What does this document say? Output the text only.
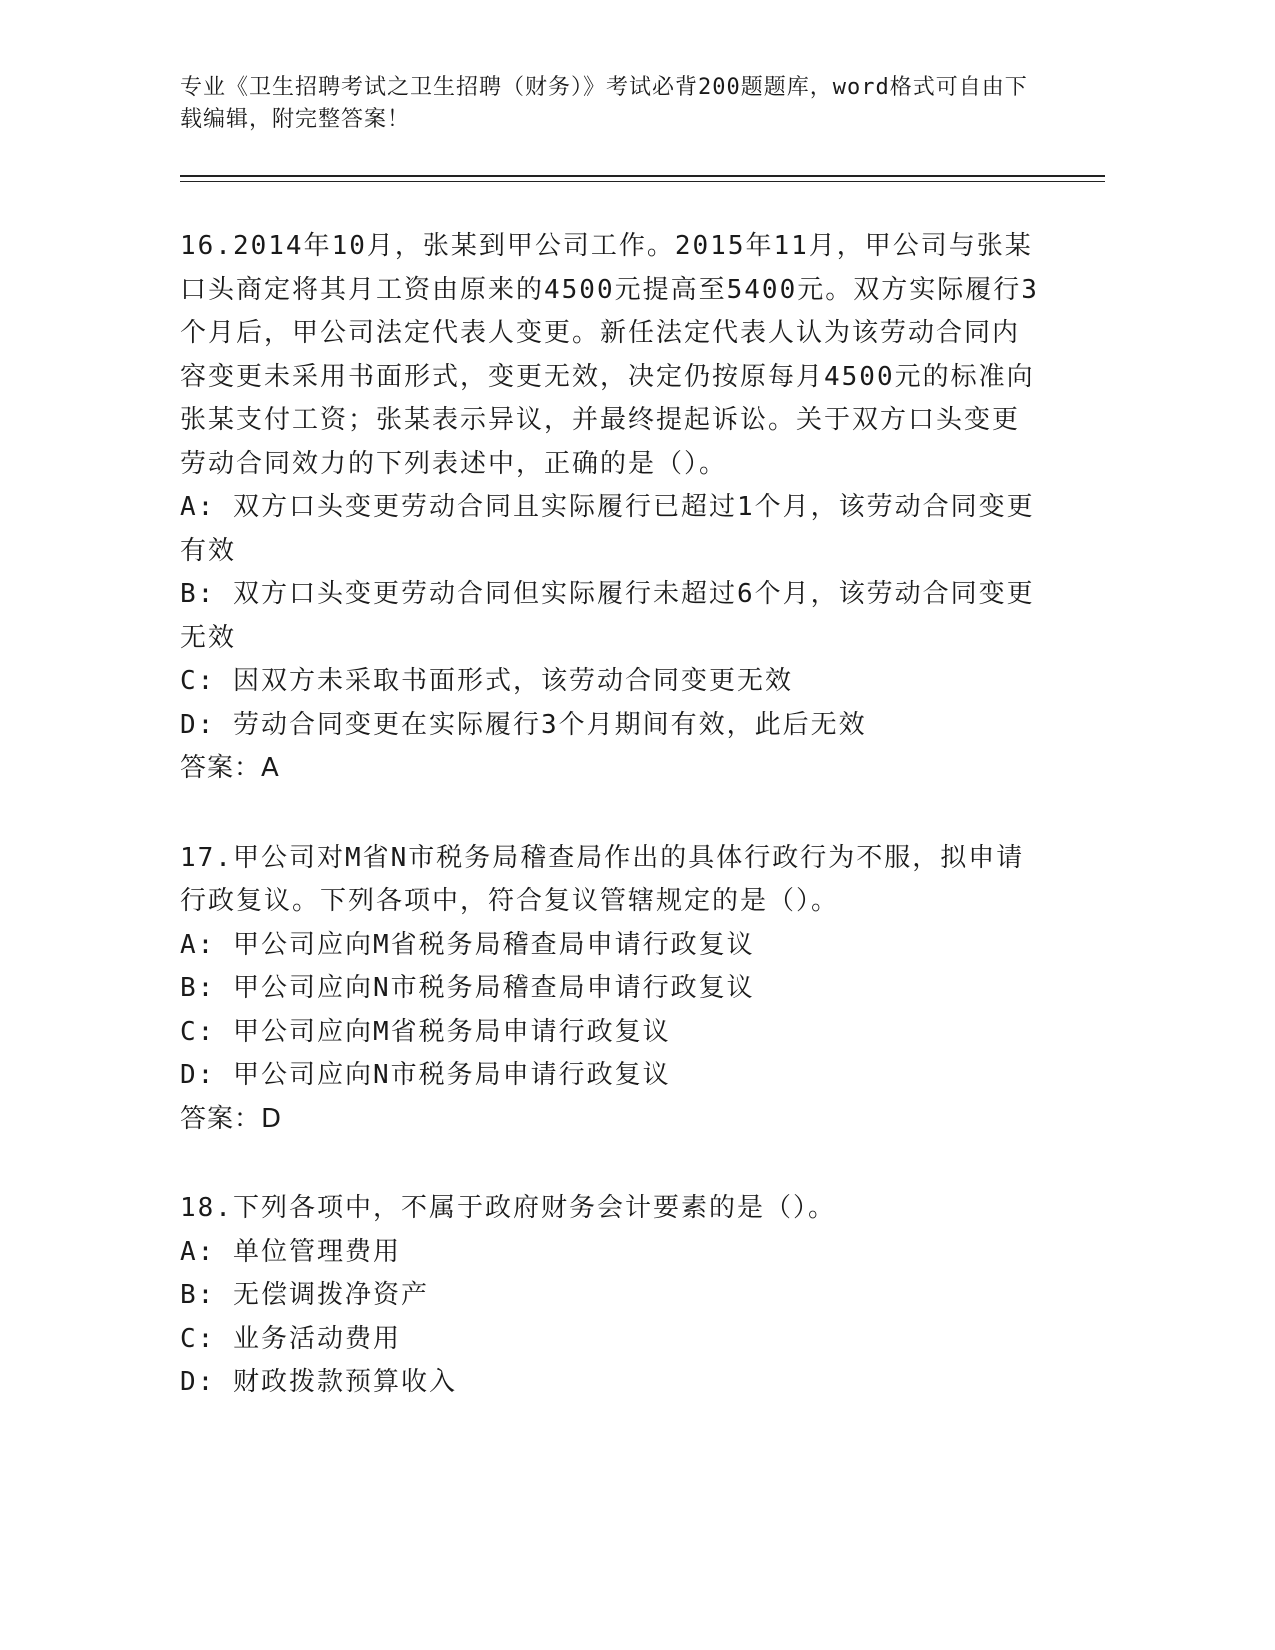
专业《卫生招聘考试之卫生招聘（财务）》考试必背200题题库，word格式可自由下载编辑，附完整答案！

16.2014年10月，张某到甲公司工作。2015年11月，甲公司与张某口头商定将其月工资由原来的4500元提高至5400元。双方实际履行3个月后，甲公司法定代表人变更。新任法定代表人认为该劳动合同内容变更未采用书面形式，变更无效，决定仍按原每月4500元的标准向张某支付工资；张某表示异议，并最终提起诉讼。关于双方口头变更劳动合同效力的下列表述中，正确的是（）。

A: 双方口头变更劳动合同且实际履行已超过1个月，该劳动合同变更有效

B: 双方口头变更劳动合同但实际履行未超过6个月，该劳动合同变更无效

C: 因双方未采取书面形式，该劳动合同变更无效

D: 劳动合同变更在实际履行3个月期间有效，此后无效

答案：A

17.甲公司对M省N市税务局稽查局作出的具体行政行为不服，拟申请行政复议。下列各项中，符合复议管辖规定的是（）。

A: 甲公司应向M省税务局稽查局申请行政复议

B: 甲公司应向N市税务局稽查局申请行政复议

C: 甲公司应向M省税务局申请行政复议

D: 甲公司应向N市税务局申请行政复议

答案：D

18.下列各项中，不属于政府财务会计要素的是（）。

A: 单位管理费用

B: 无偿调拨净资产

C: 业务活动费用

D: 财政拨款预算收入
